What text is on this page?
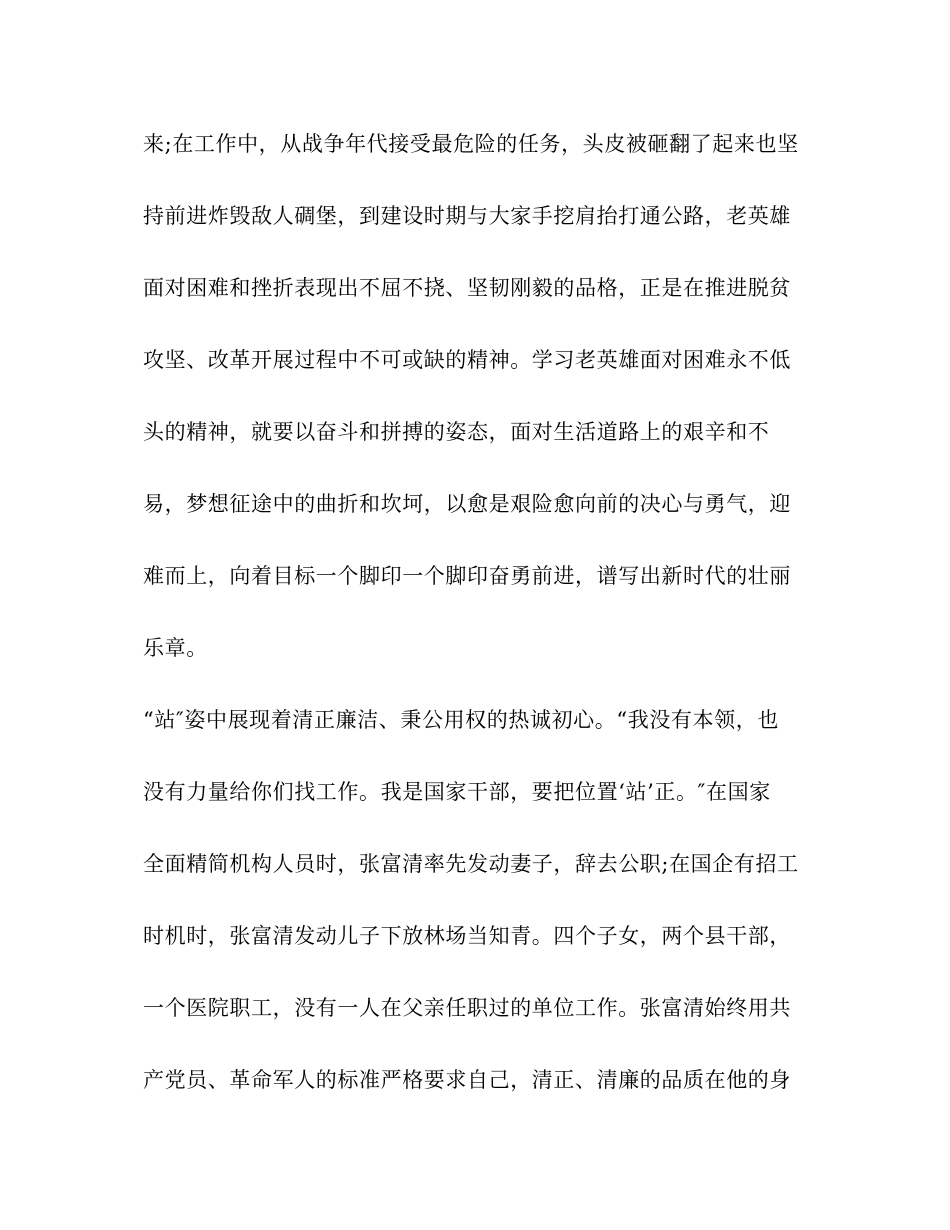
来;在工作中，从战争年代接受最危险的任务，头皮被砸翻了起来也坚
持前进炸毁敌人碉堡，到建设时期与大家手挖肩抬打通公路，老英雄
面对困难和挫折表现出不屈不挠、坚韧刚毅的品格，正是在推进脱贫
攻坚、改革开展过程中不可或缺的精神。学习老英雄面对困难永不低
头的精神，就要以奋斗和拼搏的姿态，面对生活道路上的艰辛和不
易，梦想征途中的曲折和坎坷，以愈是艰险愈向前的决心与勇气，迎
难而上，向着目标一个脚印一个脚印奋勇前进，谱写出新时代的壮丽
乐章。
“站″姿中展现着清正廉洁、秉公用权的热诚初心。“我没有本领，也
没有力量给你们找工作。我是国家干部，要把位置‘站’正。″在国家
全面精简机构人员时，张富清率先发动妻子，辞去公职;在国企有招工
时机时，张富清发动儿子下放林场当知青。四个子女，两个县干部，
一个医院职工，没有一人在父亲任职过的单位工作。张富清始终用共
产党员、革命军人的标准严格要求自己，清正、清廉的品质在他的身
